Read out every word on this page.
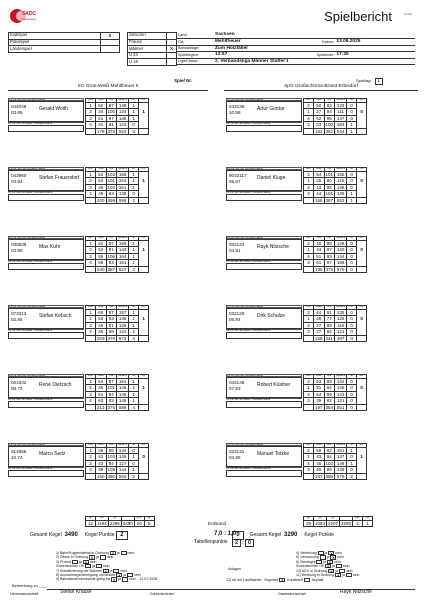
SKDC
Sportkegler	Spielbericht	ver.024
Klubspiel	X
Pokalspiel	
Länderspiel	
Senioren	
Frauen	
Männer	X
U 23	
U 18	
Land:	Sachsen		
Ort:	Mehltheuer	Datum:	13.09.2025
Bahnanlage:	Zum Holzfäller		
Spielbeginn:	13:57	Spielende:	17:35
Liga/Klasse:	2. Verbandsliga Männer Staffel 1		
Spiel Nr.	Spieltag: 1
SG Grün-Weiß Mehltheuer II	SpG Großschirma-Brand-Erbisdorf
Ps.-Nr. Mo.-Ja. Vorname Name
044048
03.86
Gerald Woith
Ps.-Nr. Mo.-Ja. Ausw.: Vorname Name
Bhn	Volle	Abr	Gesamt	SP	MP
1	52	97	149	1	
2	34	100	134	1	1
3	51	97	148	1	
4	41	81	122	0	
	178	375	553	3	
Ps.-Nr. Mo.-Ja. Vorname Name
043960
03.84
Stefan Frauendorf
Ps.-Nr. Mo.-Ja. Ausw.: Vorname Name
Bhn	Volle	Abr	Gesamt	SP	MP
1	53	103	156	1	
2	53	101	154	1	1
3	49	102	151	1	
4	45	93	138	0	
	200	399	599	3	
Ps.-Nr. Mo.-Ja. Vorname Name
030838
03.95
Max Kuhr
Ps.-Nr. Mo.-Ja. Ausw.: Vorname Name
Bhn	Volle	Abr	Gesamt	SP	MP
1	62	97	159	1	
2	52	91	143	1	1
3	58	106	164	1	
4	68	93	161	1	
	240	387	627	4	
Ps.-Nr. Mo.-Ja. Vorname Name
073313
02.85
Stefan Kebsch
Ps.-Nr. Mo.-Ja. Ausw.: Vorname Name
Bhn	Volle	Abr	Gesamt	SP	MP
1	60	97	157	1	
2	53	93	146	1	1
3	45	91	136	1	
4	45	89	134	1	
	203	370	573	4	
Ps.-Nr. Mo.-Ja. Vorname Name
001632
06.73
René Dietzsch
Ps.-Nr. Mo.-Ja. Ausw.: Vorname Name
Bhn	Volle	Abr	Gesamt	SP	MP
1	54	97	151	1	
2	45	101	146	1	1
3	51	94	145	1	
4	63	83	146	1	
	213	375	588	4	
Ps.-Nr. Mo.-Ja. Vorname Name
014856
10.74
Marco Seitz
Ps.-Nr. Mo.-Ja. Ausw.: Vorname Name
Bhn	Volle	Abr	Gesamt	SP	MP
1	36	98	134	0	
2	42	103	145	1	0
3	43	84	127	0	
4	39	105	144	1	
	160	390	550	2	
Ps.-Nr. Mo.-Ja. Vorname Name
043136
10.88
Artur Gontar
Ps.-Nr. Mo.-Ja. Ausw.: Vorname Name
Bhn	Volle	Abr	Gesamt	SP	MP
2	50	83	133	0	
1	27	84	111	0	0
4	52	95	147	0	
3	53	100	153	1	
	182	362	544	1	
Ps.-Nr. Mo.-Ja. Vorname Name
9032117
05.87
Daniel Kluge
Ps.-Nr. Mo.-Ja. Ausw.: Vorname Name
Bhn	Volle	Abr	Gesamt	SP	MP
2	54	101	155	0	
1	25	90	115	0	0
4	43	95	138	0	
3	44	101	145	1	
	166	387	553	1	
Ps.-Nr. Mo.-Ja. Vorname Name
032123
04.81
Rayk Nitzsche
Ps.-Nr. Mo.-Ja. Ausw.: Vorname Name
Bhn	Volle	Abr	Gesamt	SP	MP
2	40	88	128	0	
1	43	97	140	0	0
4	51	93	144	0	
3	61	97	158	0	
	195	375	570	0	
Ps.-Nr. Mo.-Ja. Vorname Name
032128
06.84
Dirk Schulze
Ps.-Nr. Mo.-Ja. Ausw.: Vorname Name
Bhn	Volle	Abr	Gesamt	SP	MP
2	44	91	135	0	
1	48	77	125	0	0
4	27	89	116	0	
3	37	84	121	0	
	156	341	497	0	
Ps.-Nr. Mo.-Ja. Vorname Name
043148
07.83
Robert Küstner
Ps.-Nr. Mo.-Ja. Ausw.: Vorname Name
Bhn	Volle	Abr	Gesamt	SP	MP
2	53	89	142	0	
1	51	94	145	0	0
4	54	89	143	0	
3	39	82	121	0	
	197	354	551	0	
Ps.-Nr. Mo.-Ja. Vorname Name
023131
04.85
Manuel Totzke
Ps.-Nr. Mo.-Ja. Ausw.: Vorname Name
Bhn	Volle	Abr	Gesamt	SP	MP
2	59	92	151	1	
1	43	94	137	0	1
4	45	103	148	1	
3	40	99	139	0	
	187	388	575	2	
gF	gA	gV		gSP	MP
12	1194	2296	3490	20	5	Erdstand
gF	gA	gV		gSP	MP
29	1083	2207	3290	4	1
Gesamt Kegel 3490 Kegel Punkte 2	0 Gesamt Kegel 3290 Kegel Punkte
7,0 : 1,0
Tabellenpunkte	2 : 0
1) Bahn/Kugelmaterial in Ordnung X ja  nein
2) Pässe in Ordnung X ja  nein
3) Protest  ja X nein
Schiedsrichter OK  ja  nein
7) Klassifizierung der Bahnen X ja  nein
8) Ausnahmegenehmigung vorhanden X ja  nein
9) Bahnabnahmeurkunde gültig bis X ja  nein 21.07.2028
4) Verletzung  ja X nein
5) Verwarnung  ja X nein
6) Sonstiges  ja X nein
Schiedsrichter OK X ja  nein
10) ADV in Ordnung X ja  nein
11) Werbung in Ordnung X ja  nein
Anlagen
12) Art der Laufflächen: Segment X Kunststoff	Asphalt
Bemerkung zu ____
Heimmannschaft	Stefan Krause	Schiedsrichter	Gastmannschaft	Rayk Nitzsche
